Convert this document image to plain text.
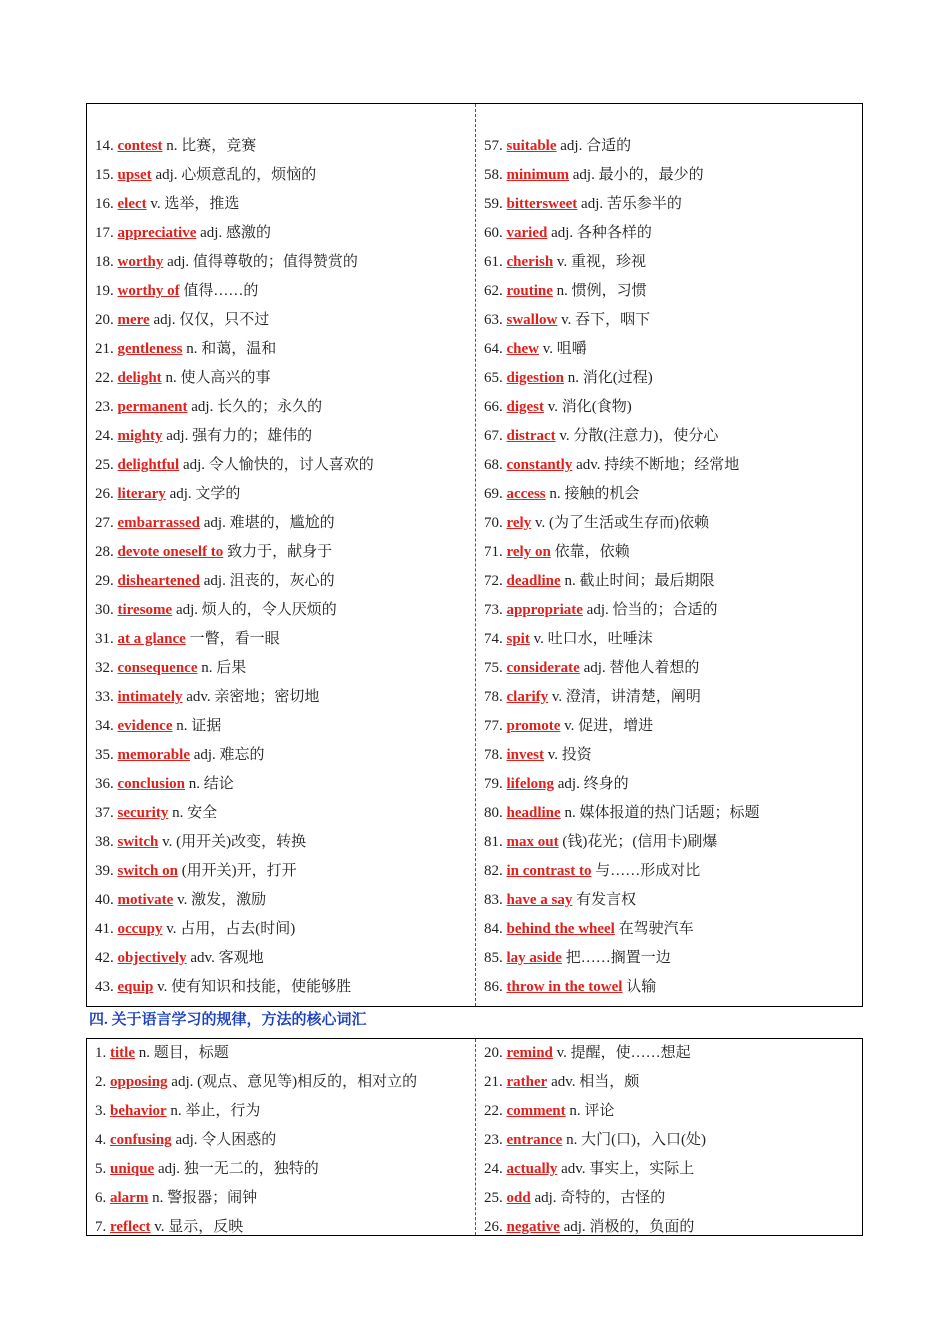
14. contest n. 比赛，竞赛
15. upset adj. 心烦意乱的，烦恼的
16. elect v. 选举，推选
17. appreciative adj. 感激的
18. worthy adj. 值得尊敬的；值得赞赏的
19. worthy of 值得……的
20. mere adj. 仅仅，只不过
21. gentleness n. 和蔼，温和
22. delight n. 使人高兴的事
23. permanent adj. 长久的；永久的
24. mighty adj. 强有力的；雄伟的
25. delightful adj. 令人愉快的，讨人喜欢的
26. literary adj. 文学的
27. embarrassed adj. 难堪的，尴尬的
28. devote oneself to 致力于，献身于
29. disheartened adj. 沮丧的，灰心的
30. tiresome adj. 烦人的，令人厌烦的
31. at a glance 一瞥，看一眼
32. consequence n. 后果
33. intimately adv. 亲密地；密切地
34. evidence n. 证据
35. memorable adj. 难忘的
36. conclusion n. 结论
37. security n. 安全
38. switch v. (用开关)改变，转换
39. switch on (用开关)开，打开
40. motivate v. 激发，激励
41. occupy v. 占用，占去(时间)
42. objectively adv. 客观地
43. equip v. 使有知识和技能，使能够胜
57. suitable adj. 合适的
58. minimum adj. 最小的，最少的
59. bittersweet adj. 苦乐参半的
60. varied adj. 各种各样的
61. cherish v. 重视，珍视
62. routine n. 惯例，习惯
63. swallow v. 吞下，咽下
64. chew v. 咀嚼
65. digestion n. 消化(过程)
66. digest v. 消化(食物)
67. distract v. 分散(注意力)，使分心
68. constantly adv. 持续不断地；经常地
69. access n. 接触的机会
70. rely v. (为了生活或生存而)依赖
71. rely on 依靠，依赖
72. deadline n. 截止时间；最后期限
73. appropriate adj. 恰当的；合适的
74. spit v. 吐口水，吐唾沫
75. considerate adj. 替他人着想的
78. clarify v. 澄清，讲清楚，阐明
77. promote v. 促进，增进
78. invest v. 投资
79. lifelong adj. 终身的
80. headline n. 媒体报道的热门话题；标题
81. max out (钱)花光；(信用卡)刷爆
82. in contrast to 与……形成对比
83. have a say 有发言权
84. behind the wheel 在驾驶汽车
85. lay aside 把……搁置一边
86. throw in the towel 认输
四. 关于语言学习的规律，方法的核心词汇
1. title n. 题目，标题
2. opposing adj. (观点、意见等)相反的，相对立的
3. behavior n. 举止，行为
4. confusing adj. 令人困惑的
5. unique adj. 独一无二的，独特的
6. alarm n. 警报器；闹钟
7. reflect v. 显示，反映
20. remind v. 提醒，使……想起
21. rather adv. 相当，颇
22. comment n. 评论
23. entrance n. 大门(口)，入口(处)
24. actually adv. 事实上，实际上
25. odd adj. 奇特的，古怪的
26. negative adj. 消极的，负面的
